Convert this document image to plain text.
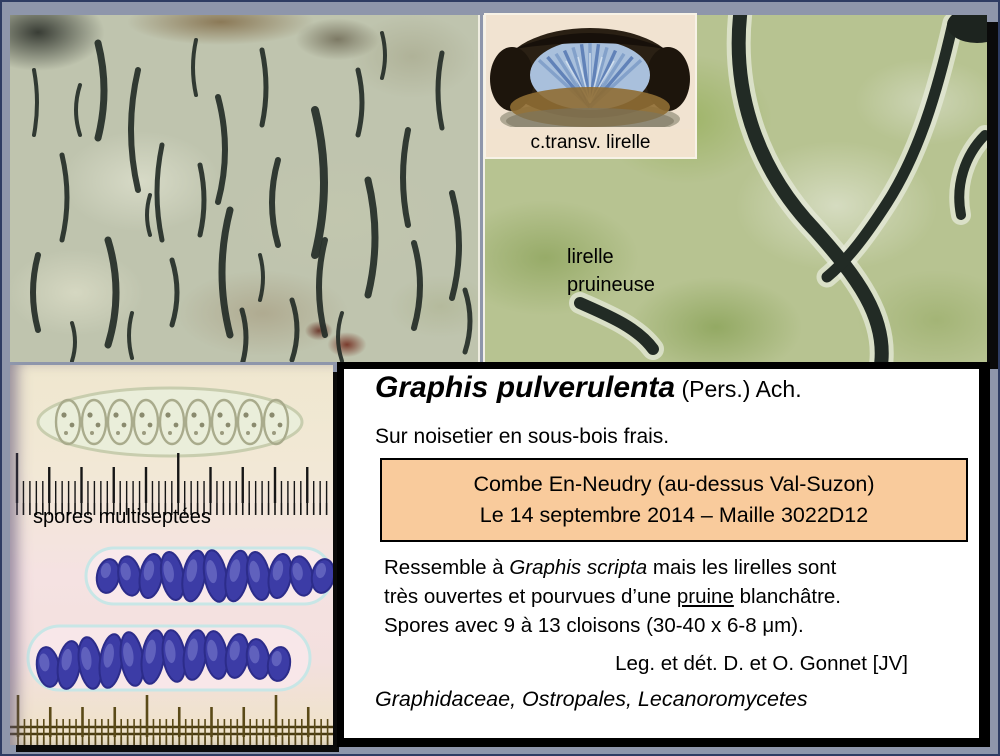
lirelle
pruineuse
c.transv. lirelle
spores multiseptées
Graphis pulverulenta (Pers.) Ach.
Sur noisetier en sous-bois frais.
Combe En-Neudry (au-dessus Val-Suzon)
Le 14 septembre 2014 – Maille 3022D12
Ressemble à Graphis scripta mais les lirelles sont
très ouvertes et pourvues d’une pruine blanchâtre.
Spores avec 9 à 13 cloisons (30-40 x 6-8 μm).
Leg. et dét. D. et O. Gonnet [JV]
Graphidaceae, Ostropales, Lecanoromycetes
